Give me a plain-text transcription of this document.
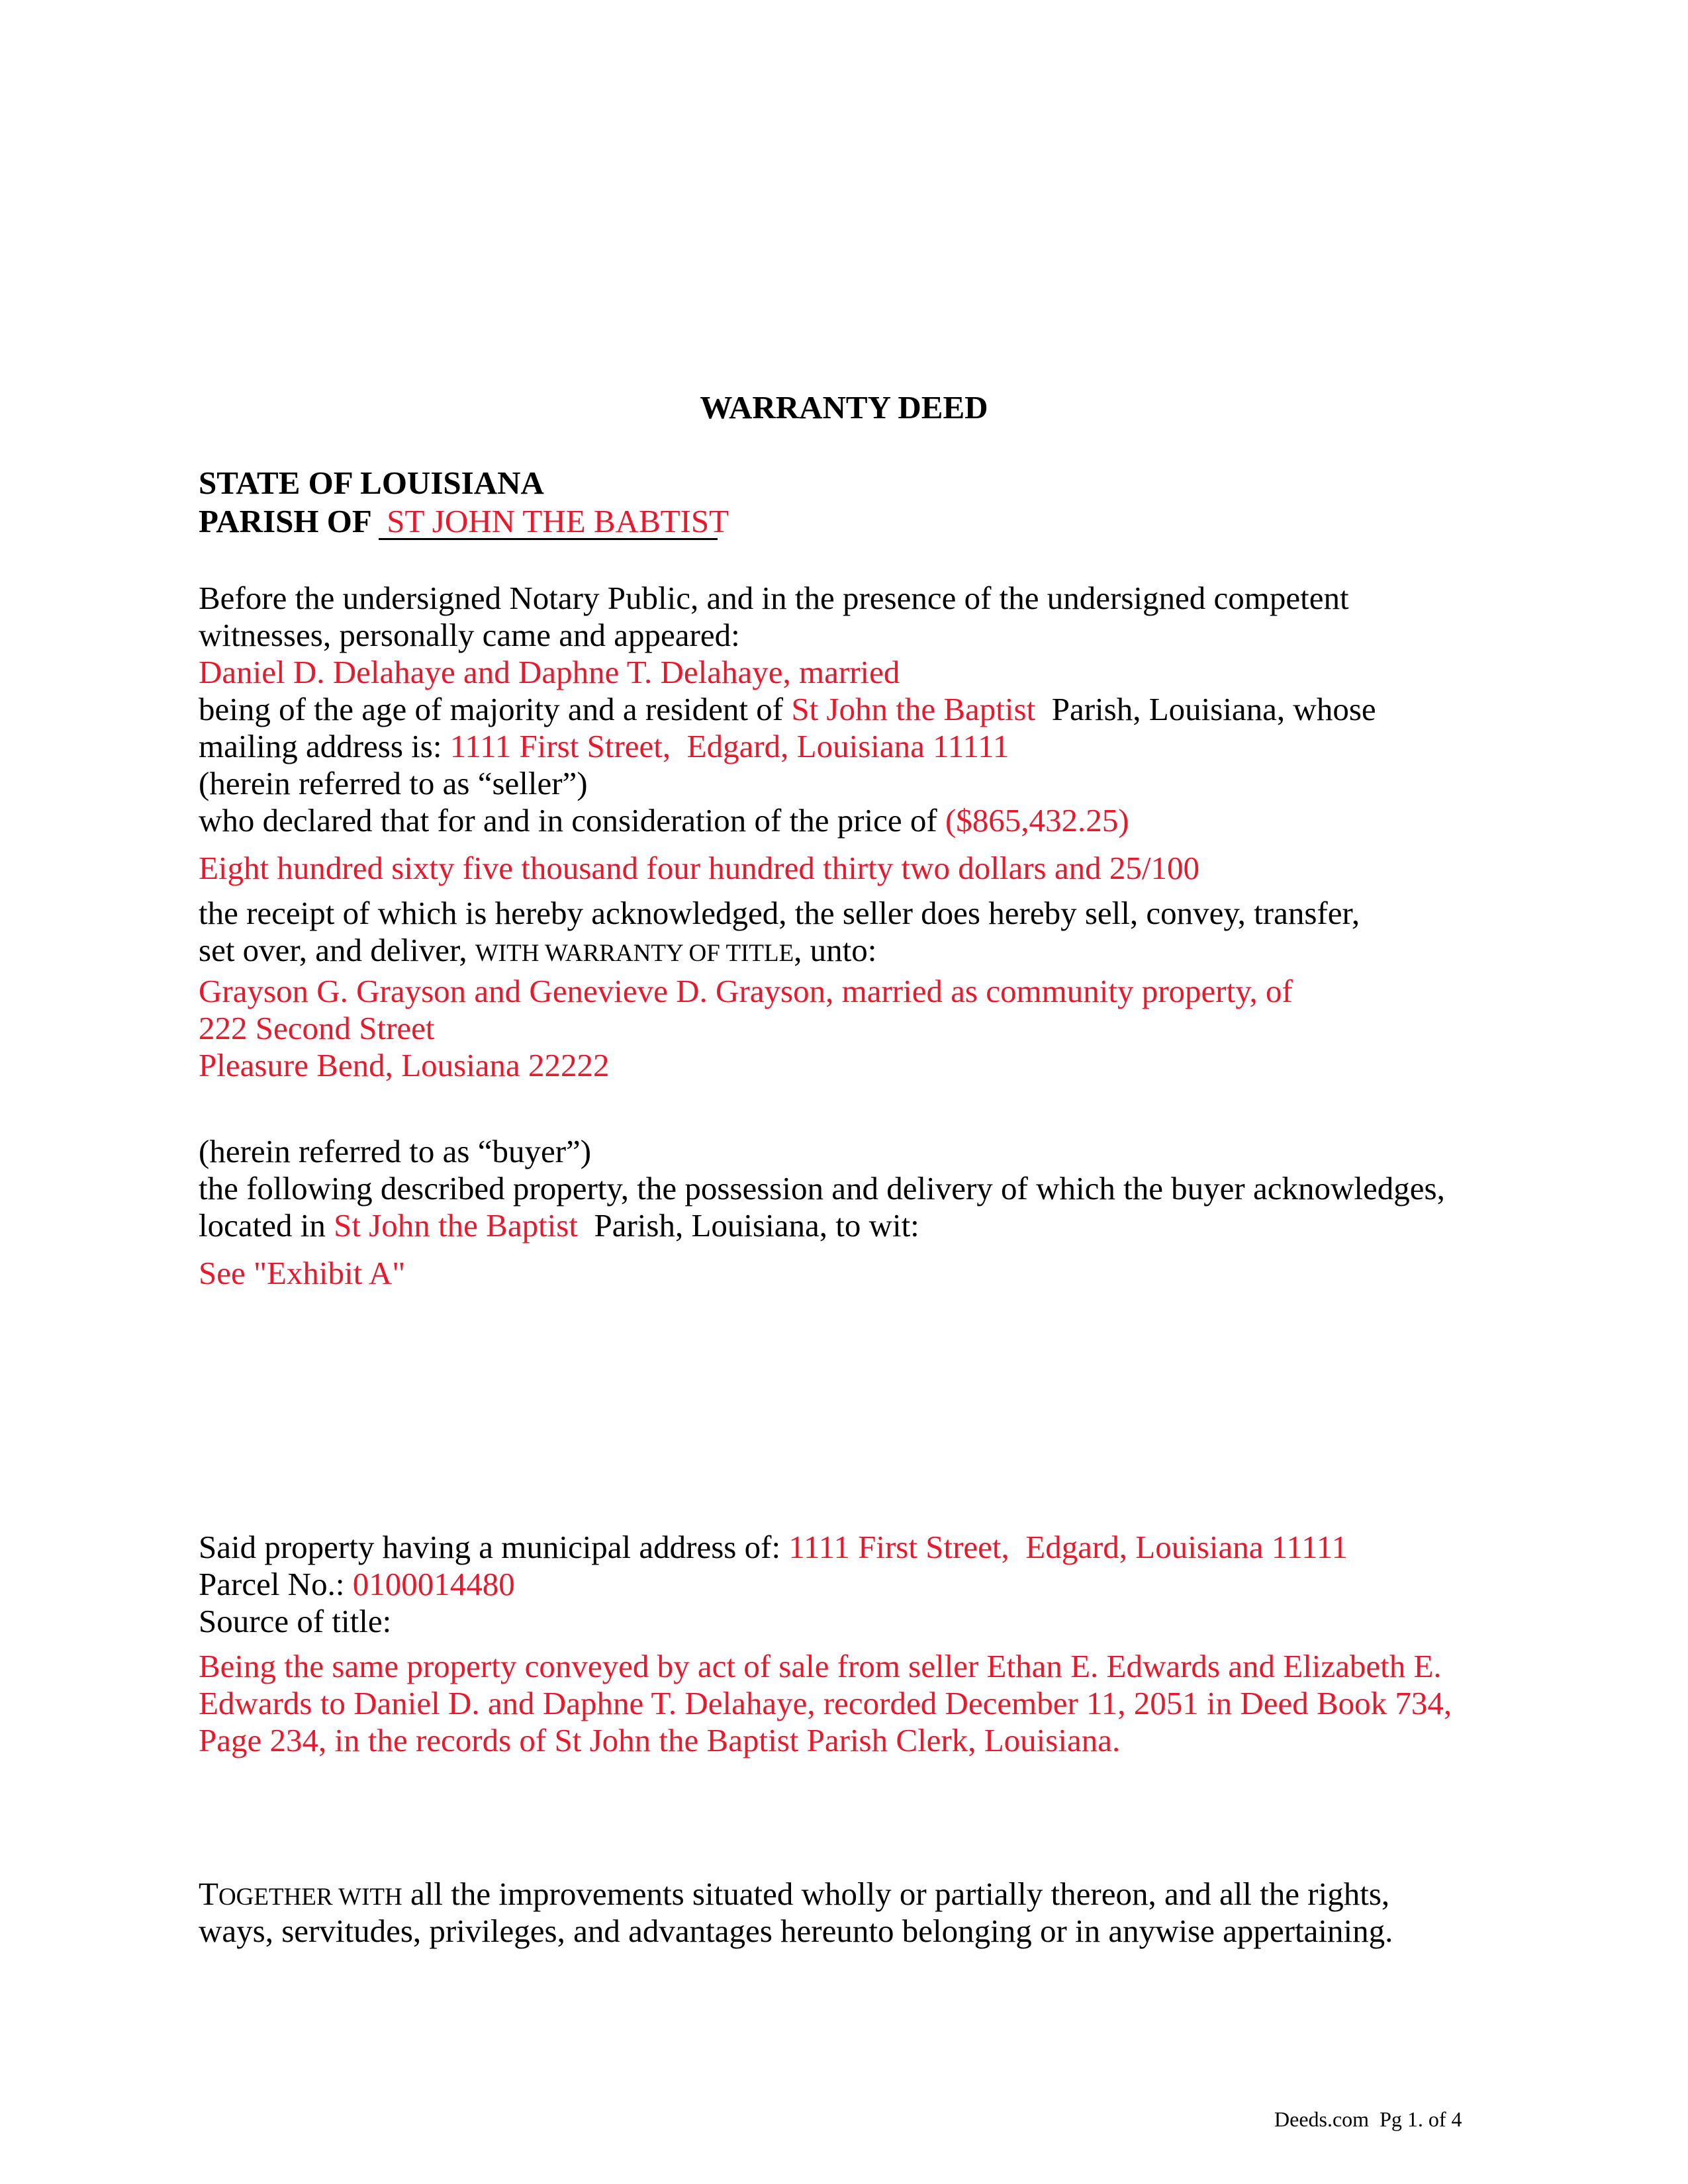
WARRANTY DEED
STATE OF LOUISIANA
PARISH OF ST JOHN THE BABTIST
Before the undersigned Notary Public, and in the presence of the undersigned competent
witnesses, personally came and appeared:
Daniel D. Delahaye and Daphne T. Delahaye, married
being of the age of majority and a resident of St John the Baptist  Parish, Louisiana, whose
mailing address is: 1111 First Street,  Edgard, Louisiana 11111
(herein referred to as “seller”)
who declared that for and in consideration of the price of ($865,432.25)
Eight hundred sixty five thousand four hundred thirty two dollars and 25/100
the receipt of which is hereby acknowledged, the seller does hereby sell, convey, transfer,
set over, and deliver, WITH WARRANTY OF TITLE, unto:
Grayson G. Grayson and Genevieve D. Grayson, married as community property, of
222 Second Street
Pleasure Bend, Lousiana 22222
(herein referred to as “buyer”)
the following described property, the possession and delivery of which the buyer acknowledges,
located in St John the Baptist  Parish, Louisiana, to wit:
See "Exhibit A"
Said property having a municipal address of: 1111 First Street,  Edgard, Louisiana 11111
Parcel No.: 0100014480
Source of title:
Being the same property conveyed by act of sale from seller Ethan E. Edwards and Elizabeth E.
Edwards to Daniel D. and Daphne T. Delahaye, recorded December 11, 2051 in Deed Book 734,
Page 234, in the records of St John the Baptist Parish Clerk, Louisiana.
TOGETHER WITH all the improvements situated wholly or partially thereon, and all the rights,
ways, servitudes, privileges, and advantages hereunto belonging or in anywise appertaining.
Deeds.com  Pg 1. of 4
